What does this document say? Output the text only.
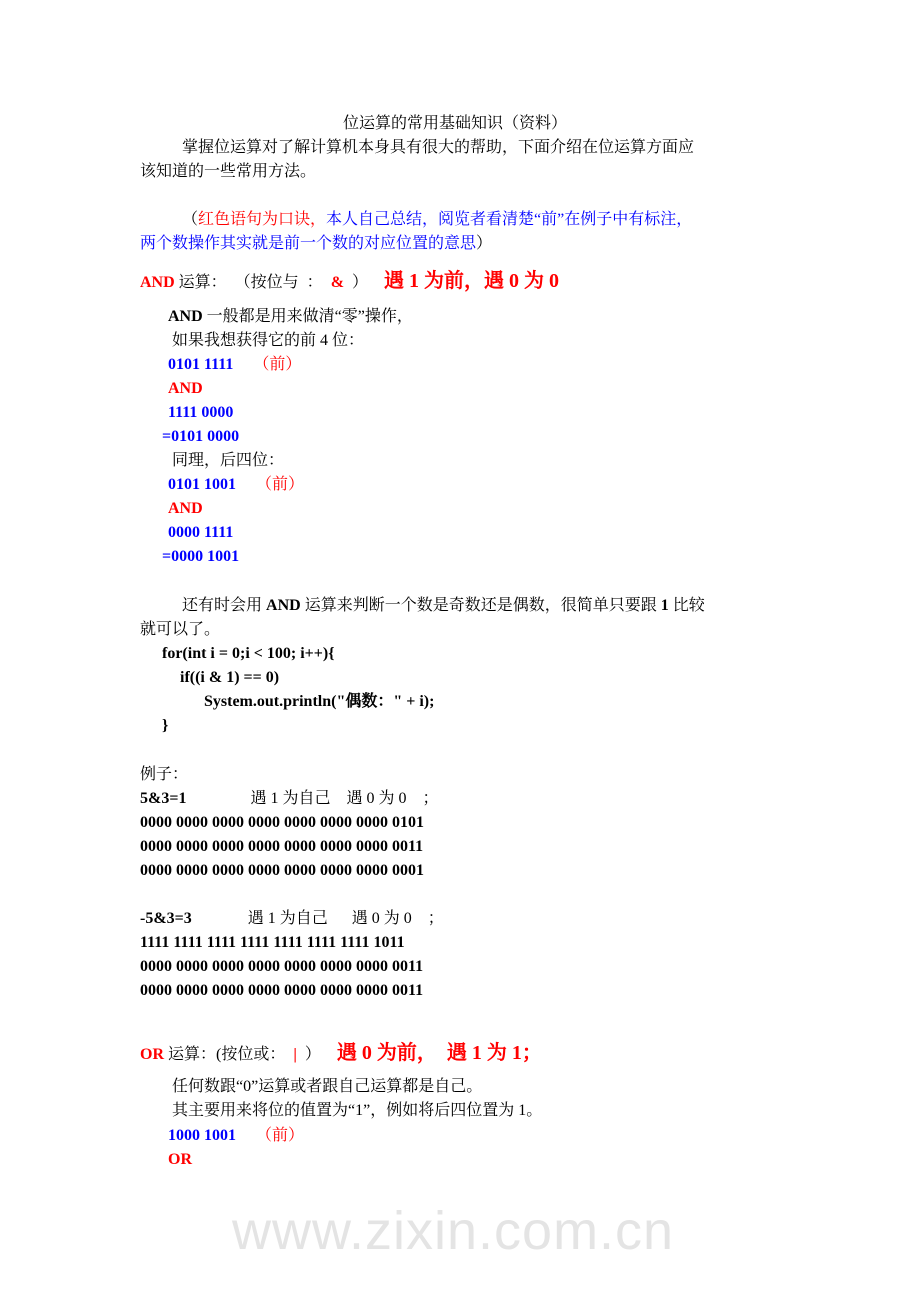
www.zixin.com.cn
位运算的常用基础知识（资料）
掌握位运算对了解计算机本身具有很大的帮助，下面介绍在位运算方面应
该知道的一些常用方法。
（红色语句为口诀，本人自己总结，阅览者看清楚“前”在例子中有标注，
两个数操作其实就是前一个数的对应位置的意思）
AND 运算：  （按位与  ：  &  ）    遇 1 为前，遇 0 为 0
AND 一般都是用来做清“零”操作，
如果我想获得它的前 4 位：
0101 1111     （前）
AND
1111 0000
=0101 0000
同理，后四位：
0101 1001     （前）
AND
0000 1111
=0000 1001
还有时会用 AND 运算来判断一个数是奇数还是偶数，很简单只要跟 1 比较
就可以了。
for(int i = 0;i < 100; i++){
if((i & 1) == 0)
System.out.println("偶数：" + i);
}
例子：
5&3=1                遇 1 为自己    遇 0 为 0    ；
0000 0000 0000 0000 0000 0000 0000 0101
0000 0000 0000 0000 0000 0000 0000 0011
0000 0000 0000 0000 0000 0000 0000 0001
-5&3=3              遇 1 为自己      遇 0 为 0    ；
1111 1111 1111 1111 1111 1111 1111 1011
0000 0000 0000 0000 0000 0000 0000 0011
0000 0000 0000 0000 0000 0000 0000 0011
OR 运算：(按位或：  |  ）    遇 0 为前，  遇 1 为 1；
任何数跟“0”运算或者跟自己运算都是自己。
其主要用来将位的值置为“1”，例如将后四位置为 1。
1000 1001     （前）
OR
